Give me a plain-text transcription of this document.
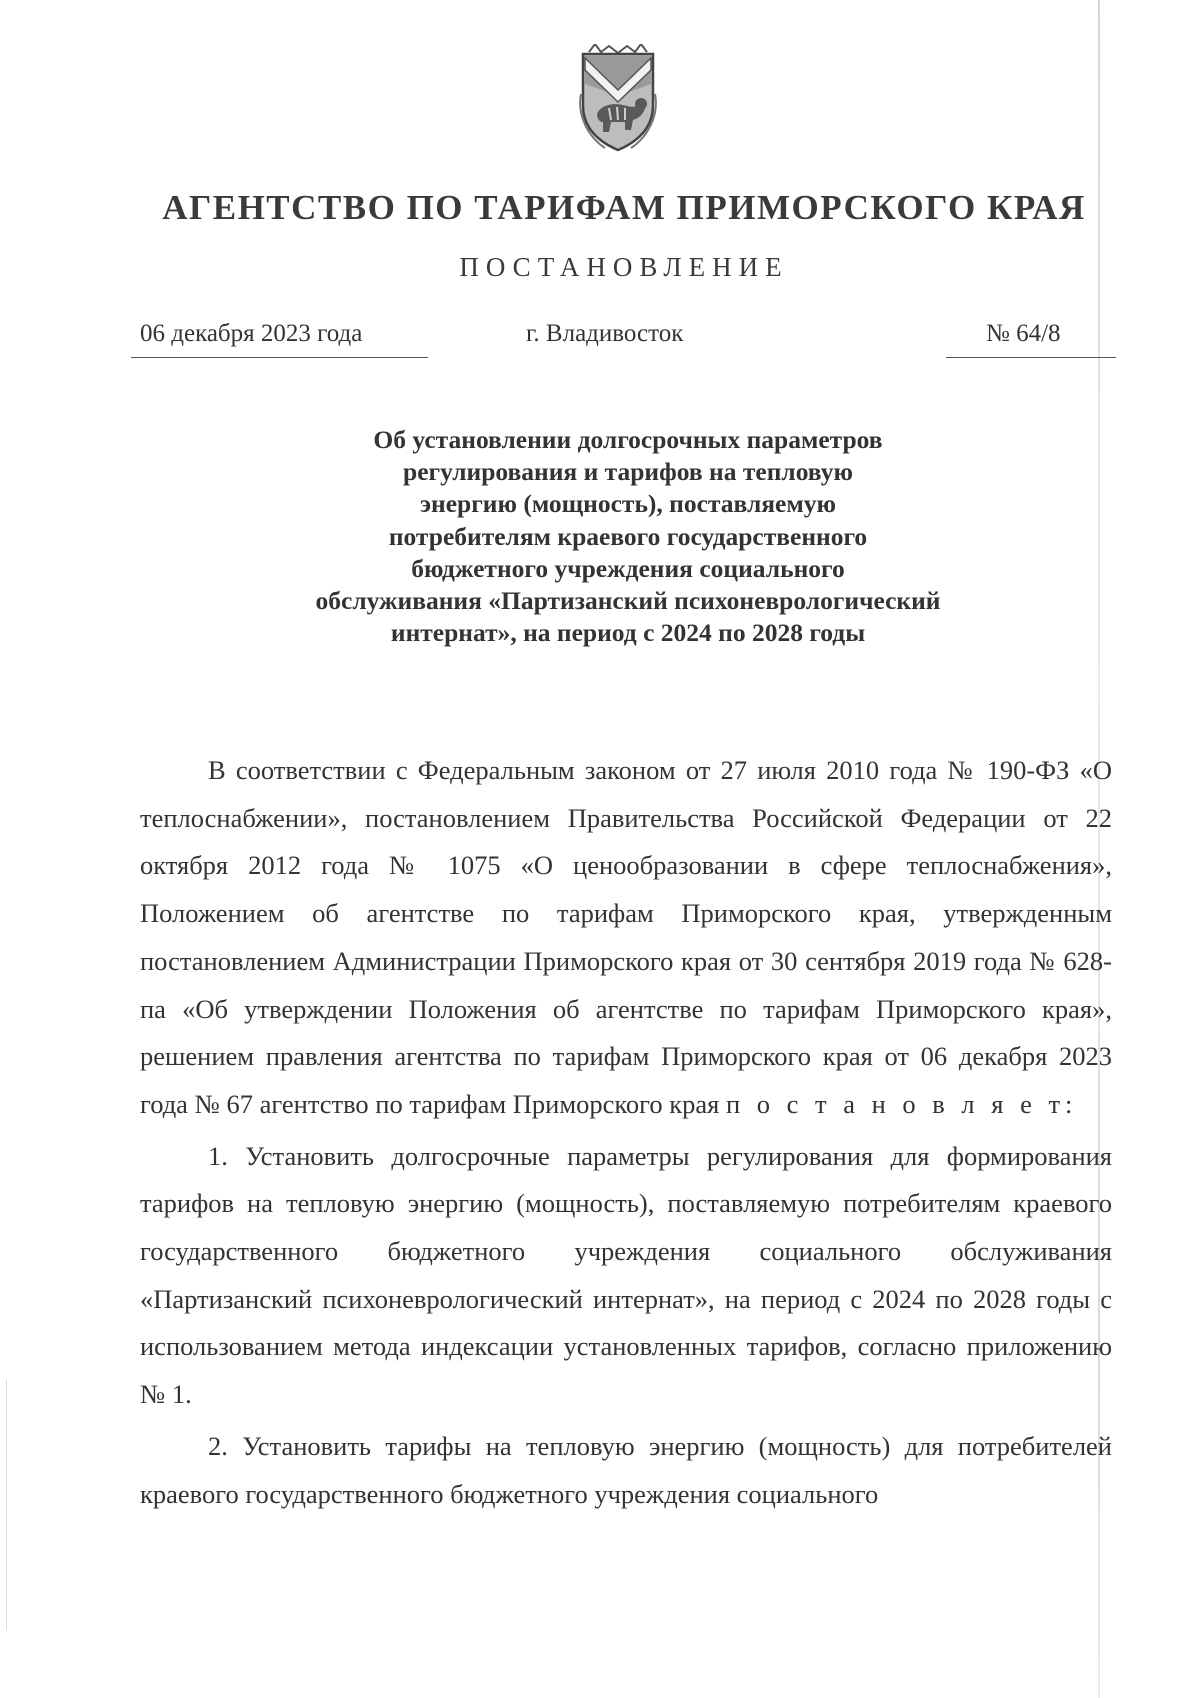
АГЕНТСТВО ПО ТАРИФАМ ПРИМОРСКОГО КРАЯ
ПОСТАНОВЛЕНИЕ
06 декабря 2023 года	г. Владивосток	№ 64/8
Об установлении долгосрочных параметров
регулирования и тарифов на тепловую
энергию (мощность), поставляемую
потребителям краевого государственного
бюджетного учреждения социального
обслуживания «Партизанский психоневрологический
интернат», на период с 2024 по 2028 годы

В соответствии с Федеральным законом от 27 июля 2010 года № 190-ФЗ «О теплоснабжении», постановлением Правительства Российской Федерации от 22 октября 2012 года № 1075 «О ценообразовании в сфере теплоснабжения», Положением об агентстве по тарифам Приморского края, утвержденным постановлением Администрации Приморского края от 30 сентября 2019 года № 628-па «Об утверждении Положения об агентстве по тарифам Приморского края», решением правления агентства по тарифам Приморского края от 06 декабря 2023 года № 67 агентство по тарифам Приморского края п о с т а н о в л я е т:

1. Установить долгосрочные параметры регулирования для формирования тарифов на тепловую энергию (мощность), поставляемую потребителям краевого государственного бюджетного учреждения социального обслуживания «Партизанский психоневрологический интернат», на период с 2024 по 2028 годы с использованием метода индексации установленных тарифов, согласно приложению № 1.

2. Установить тарифы на тепловую энергию (мощность) для потребителей краевого государственного бюджетного учреждения социального
